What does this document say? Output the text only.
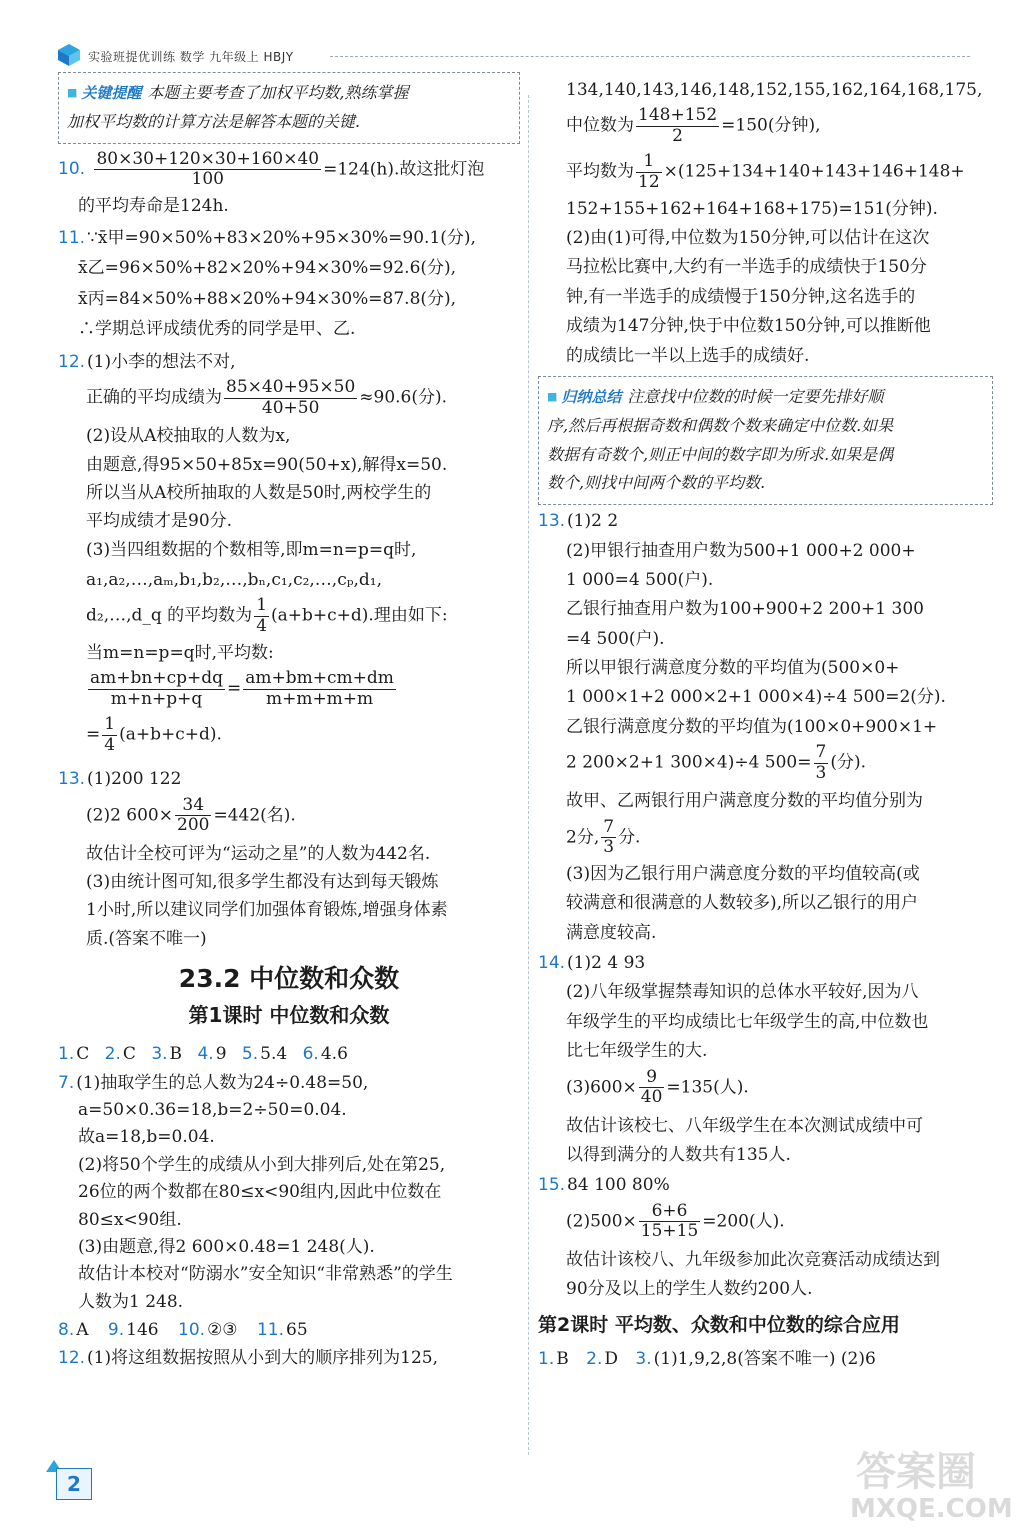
实验班提优训练 数学 九年级上 HBJY

■ 关键提醒 本题主要考查了加权平均数,熟练掌握

加权平均数的计算方法是解答本题的关键.

10. $\frac{80\times 30+120\times 30+160\times 40}{100} =124(h)$.故这批灯泡

的平均寿命是124h.

11. ∵x̄甲=90×50%+83×20%+95×30%=90.1(分),

x̄乙=96×50%+82×20%+94×30%=92.6(分),

x̄丙=84×50%+88×20%+94×30%=87.8(分),

∴学期总评成绩优秀的同学是甲、乙.

12. (1)小李的想法不对,

正确的平均成绩为 $\frac{85\times 40+95\times 50}{40+50} \approx 90.6$(分).

(2)设从A校抽取的人数为x,

由题意,得95×50+85x=90(50+x),解得x=50.

所以当从A校所抽取的人数是50时,两校学生的

平均成绩才是90分.

(3)当四组数据的个数相等,即m=n=p=q时,

a₁,a₂,…,aₘ,b₁,b₂,…,bₙ,c₁,c₂,…,cₚ,d₁,

d₂,…,d_q 的平均数为 $\frac{1}{4} (a+b+c+d)$.理由如下:

当m=n=p=q时,平均数:

$\frac{am+bn+cp+dq}{m+n+p+q} = \frac{am+bm+cm+dm}{m+m+m+m}$

= $\frac{1}{4} (a+b+c+d)$.

13. (1)200 122

(2)2 $600\times \frac{34}{200} =442$(名).

故估计全校可评为“运动之星”的人数为442名.

(3)由统计图可知,很多学生都没有达到每天锻炼

1小时,所以建议同学们加强体育锻炼,增强身体素

质.(答案不唯一)

23.2 中位数和众数
第1课时 中位数和众数

1. C 2. C 3. B 4. 9 5. 5.4 6. 4.6

7. (1)抽取学生的总人数为24÷0.48=50,

a=50×0.36=18,b=2÷50=0.04.

故a=18,b=0.04.

(2)将50个学生的成绩从小到大排列后,处在第25,

26位的两个数都在80≤x<90组内,因此中位数在

80≤x<90组.

(3)由题意,得2 600×0.48=1 248(人).

故估计本校对“防溺水”安全知识“非常熟悉”的学生

人数为1 248.

8. A 9. 146 10. ②③ 11. 65

12. (1)将这组数据按照从小到大的顺序排列为125,

134,140,143,146,148,152,155,162,164,168,175,

中位数为 $\frac{148+152}{2} =150$(分钟),

平均数为 $\frac{1}{12} \times(125+134+140+143+146+148+$

152+155+162+164+168+175)=151(分钟).

(2)由(1)可得,中位数为150分钟,可以估计在这次

马拉松比赛中,大约有一半选手的成绩快于150分

钟,有一半选手的成绩慢于150分钟,这名选手的

成绩为147分钟,快于中位数150分钟,可以推断他

的成绩比一半以上选手的成绩好.

■ 归纳总结 注意找中位数的时候一定要先排好顺

序,然后再根据奇数和偶数个数来确定中位数.如果

数据有奇数个,则正中间的数字即为所求.如果是偶

数个,则找中间两个数的平均数.

13. (1)2 2

(2)甲银行抽查用户数为500+1 000+2 000+

1 000=4 500(户).

乙银行抽查用户数为100+900+2 200+1 300

=4 500(户).

所以甲银行满意度分数的平均值为(500×0+

1 000×1+2 000×2+1 000×4)÷4 500=2(分).

乙银行满意度分数的平均值为(100×0+900×1+

2 200×2+1 300×4)÷4 $500= \frac{7}{3}$ (分).

故甲、乙两银行用户满意度分数的平均值分别为

2分, $\frac{7}{3}$ 分.

(3)因为乙银行用户满意度分数的平均值较高(或

较满意和很满意的人数较多),所以乙银行的用户

满意度较高.

14. (1)2 4 93

(2)八年级掌握禁毒知识的总体水平较好,因为八

年级学生的平均成绩比七年级学生的高,中位数也

比七年级学生的大.

$(3)600\times \frac{9}{40} =135$(人).

故估计该校七、八年级学生在本次测试成绩中可

以得到满分的人数共有135人.

15. 84 100 80%

$(2)500\times \frac{6+6}{15+15} =200$(人).

故估计该校八、九年级参加此次竞赛活动成绩达到

90分及以上的学生人数约200人.

第2课时 平均数、众数和中位数的综合应用

1. B 2. D 3. (1)1,9,2,8(答案不唯一) (2)6

2	答案圈
MXQE.COM
